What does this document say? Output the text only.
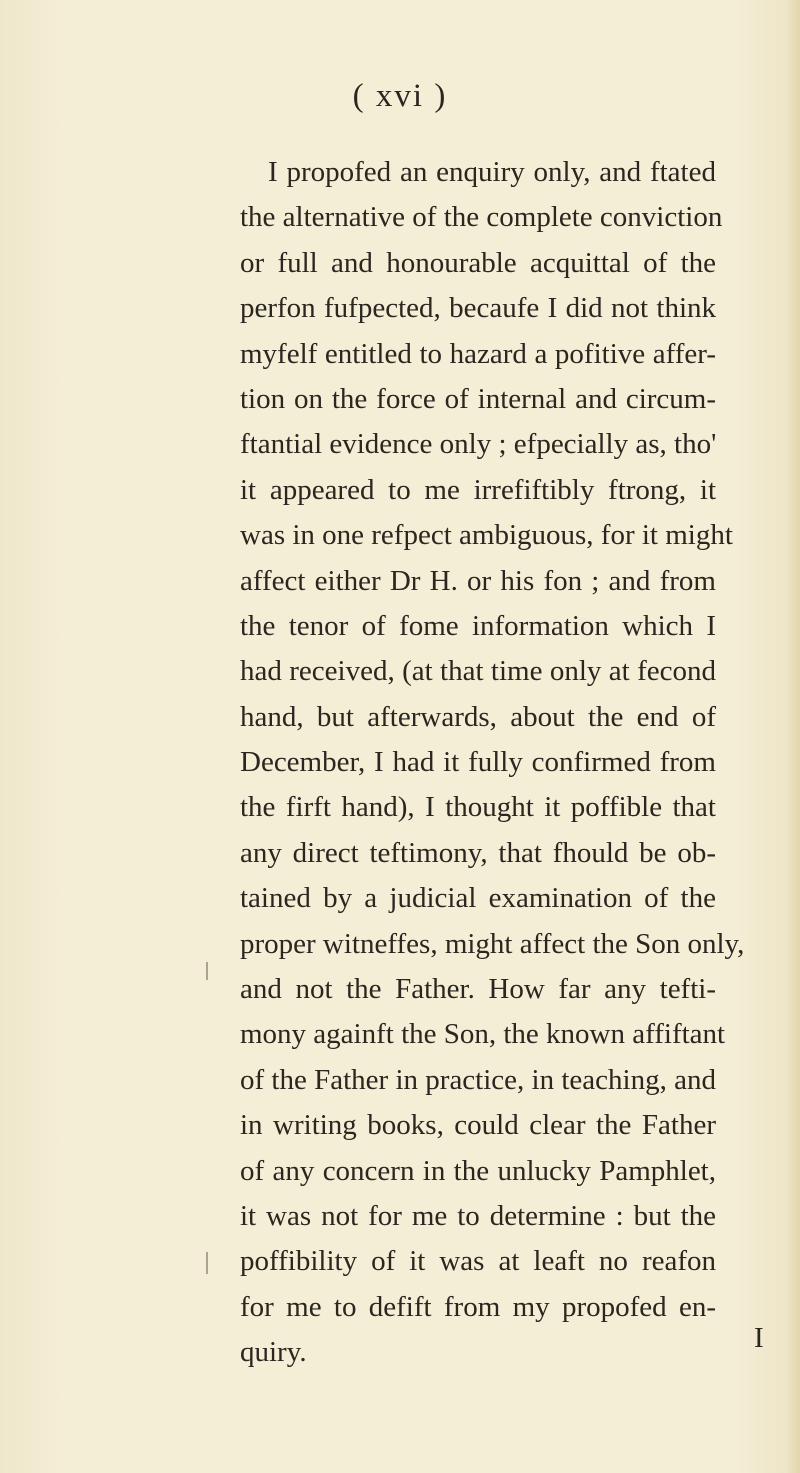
( xvi )
I propofed an enquiry only, and ftated
the alternative of the complete conviction
or full and honourable acquittal of the
perfon fufpected, becaufe I did not think
myfelf entitled to hazard a pofitive affer-
tion on the force of internal and circum-
ftantial evidence only ; efpecially as, tho'
it appeared to me irrefiftibly ftrong, it
was in one refpect ambiguous, for it might
affect either Dr H. or his fon ; and from
the tenor of fome information which I
had received, (at that time only at fecond
hand, but afterwards, about the end of
December, I had it fully confirmed from
the firft hand), I thought it poffible that
any direct teftimony, that fhould be ob-
tained by a judicial examination of the
proper witneffes, might affect the Son only,
and not the Father. How far any tefti-
mony againft the Son, the known affiftant
of the Father in practice, in teaching, and
in writing books, could clear the Father
of any concern in the unlucky Pamphlet,
it was not for me to determine : but the
poffibility of it was at leaft no reafon
for me to defift from my propofed en-
quiry.	I
